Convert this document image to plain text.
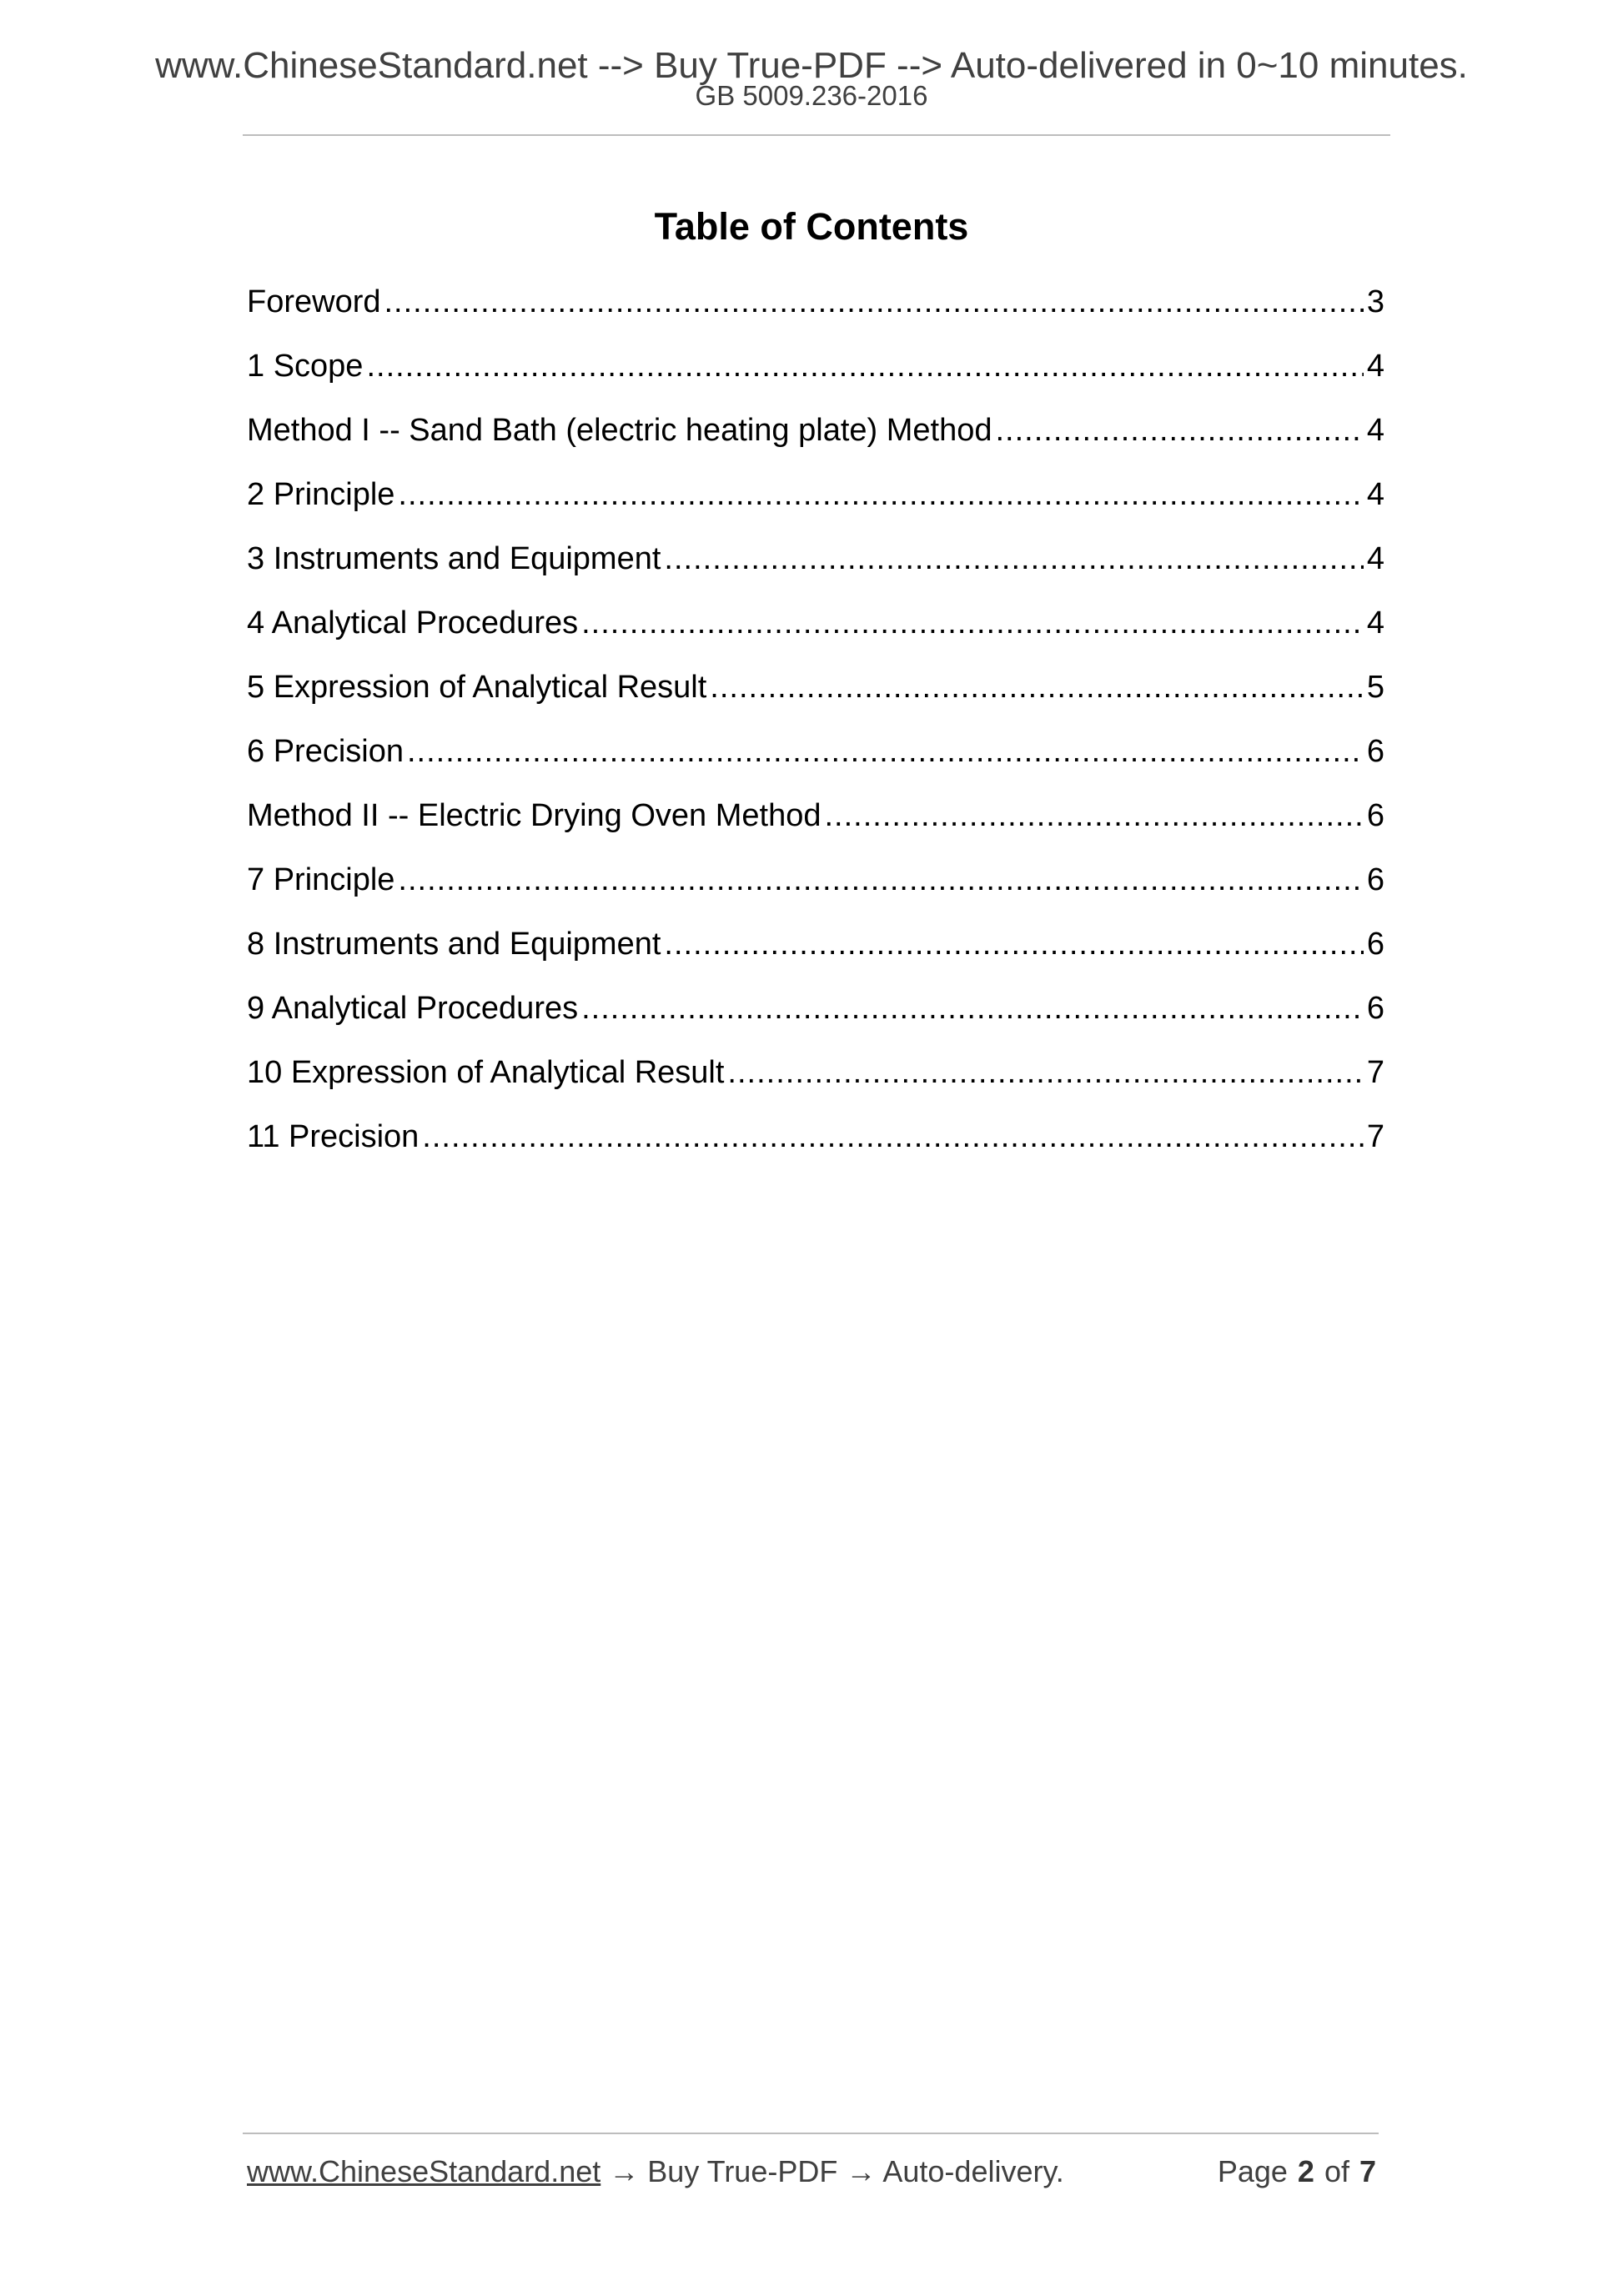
www.ChineseStandard.net --> Buy True-PDF --> Auto-delivered in 0~10 minutes.
GB 5009.236-2016
Table of Contents
Foreword .....	3
1 Scope .....	4
Method I -- Sand Bath (electric heating plate) Method .....	4
2 Principle .....	4
3 Instruments and Equipment .....	4
4 Analytical Procedures .....	4
5 Expression of Analytical Result .....	5
6 Precision .....	6
Method II -- Electric Drying Oven Method .....	6
7 Principle .....	6
8 Instruments and Equipment .....	6
9 Analytical Procedures .....	6
10 Expression of Analytical Result .....	7
11 Precision .....	7
www.ChineseStandard.net → Buy True-PDF → Auto-delivery.	Page 2 of 7
